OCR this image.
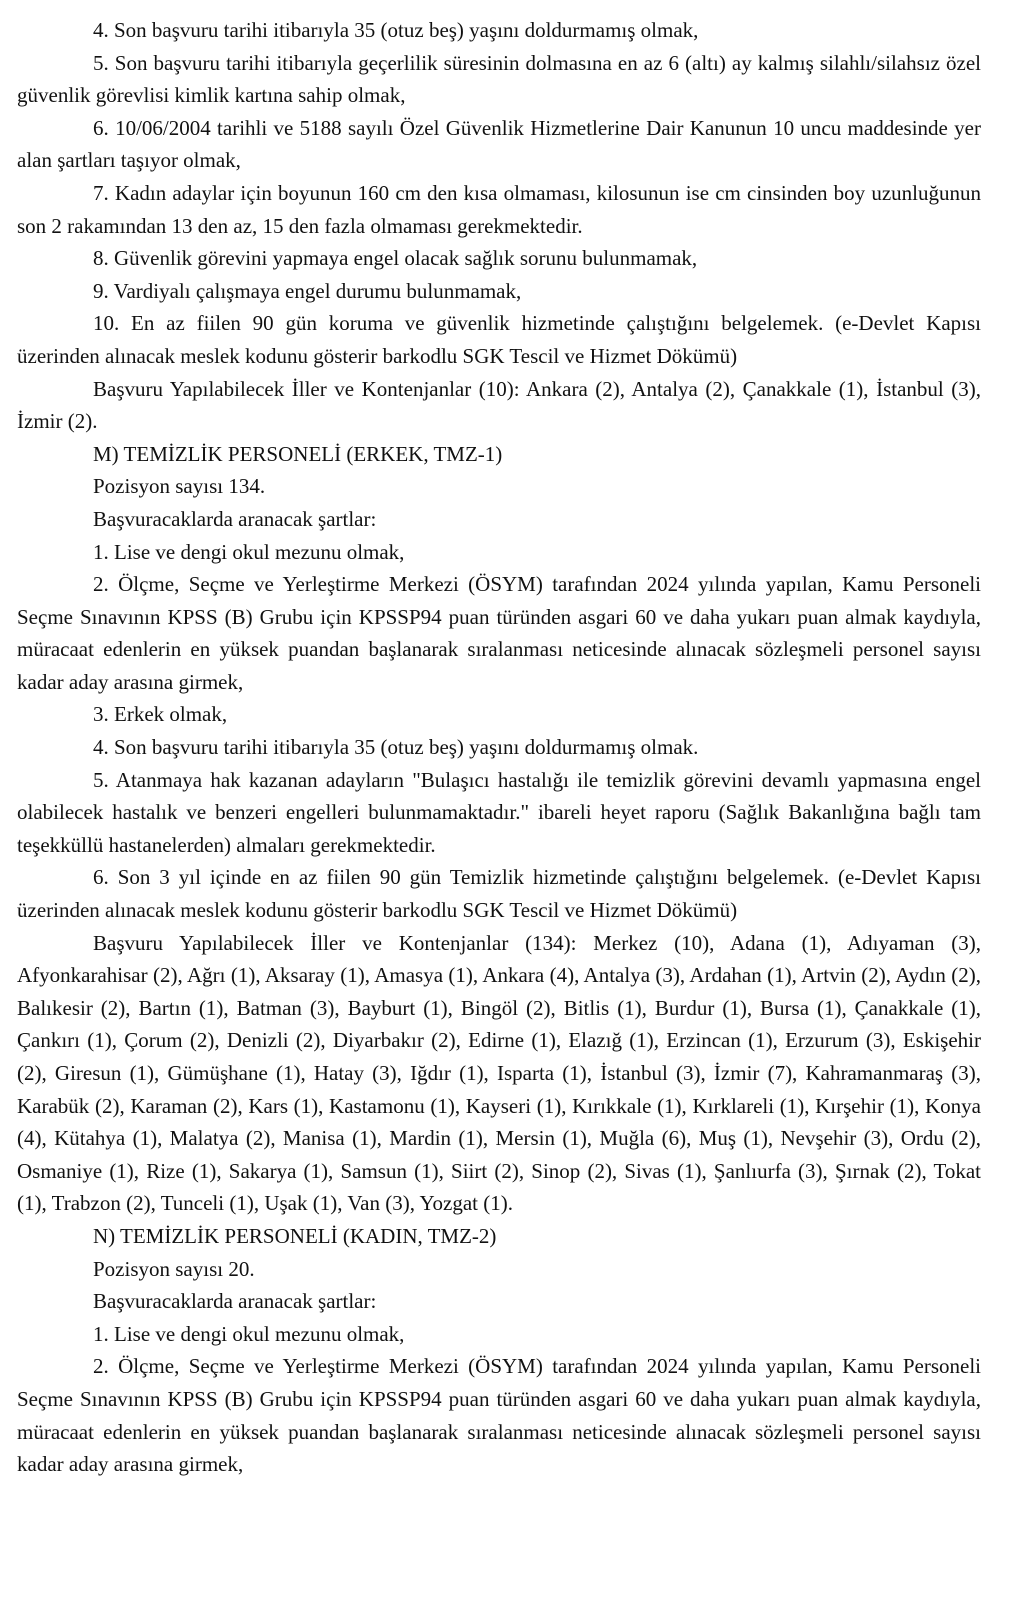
4. Son başvuru tarihi itibarıyla 35 (otuz beş) yaşını doldurmamış olmak,

5. Son başvuru tarihi itibarıyla geçerlilik süresinin dolmasına en az 6 (altı) ay kalmış silahlı/silahsız özel güvenlik görevlisi kimlik kartına sahip olmak,

6. 10/06/2004 tarihli ve 5188 sayılı Özel Güvenlik Hizmetlerine Dair Kanunun 10 uncu maddesinde yer alan şartları taşıyor olmak,

7. Kadın adaylar için boyunun 160 cm den kısa olmaması, kilosunun ise cm cinsinden boy uzunluğunun son 2 rakamından 13 den az, 15 den fazla olmaması gerekmektedir.

8. Güvenlik görevini yapmaya engel olacak sağlık sorunu bulunmamak,

9. Vardiyalı çalışmaya engel durumu bulunmamak,

10. En az fiilen 90 gün koruma ve güvenlik hizmetinde çalıştığını belgelemek. (e-Devlet Kapısı üzerinden alınacak meslek kodunu gösterir barkodlu SGK Tescil ve Hizmet Dökümü)

Başvuru Yapılabilecek İller ve Kontenjanlar (10): Ankara (2), Antalya (2), Çanakkale (1), İstanbul (3), İzmir (2).

M) TEMİZLİK PERSONELİ (ERKEK, TMZ-1)

Pozisyon sayısı 134.

Başvuracaklarda aranacak şartlar:

1. Lise ve dengi okul mezunu olmak,

2. Ölçme, Seçme ve Yerleştirme Merkezi (ÖSYM) tarafından 2024 yılında yapılan, Kamu Personeli Seçme Sınavının KPSS (B) Grubu için KPSSP94 puan türünden asgari 60 ve daha yukarı puan almak kaydıyla, müracaat edenlerin en yüksek puandan başlanarak sıralanması neticesinde alınacak sözleşmeli personel sayısı kadar aday arasına girmek,

3. Erkek olmak,

4. Son başvuru tarihi itibarıyla 35 (otuz beş) yaşını doldurmamış olmak.

5. Atanmaya hak kazanan adayların "Bulaşıcı hastalığı ile temizlik görevini devamlı yapmasına engel olabilecek hastalık ve benzeri engelleri bulunmamaktadır." ibareli heyet raporu (Sağlık Bakanlığına bağlı tam teşekküllü hastanelerden) almaları gerekmektedir.

6. Son 3 yıl içinde en az fiilen 90 gün Temizlik hizmetinde çalıştığını belgelemek. (e-Devlet Kapısı üzerinden alınacak meslek kodunu gösterir barkodlu SGK Tescil ve Hizmet Dökümü)

Başvuru Yapılabilecek İller ve Kontenjanlar (134): Merkez (10), Adana (1), Adıyaman (3), Afyonkarahisar (2), Ağrı (1), Aksaray (1), Amasya (1), Ankara (4), Antalya (3), Ardahan (1), Artvin (2), Aydın (2), Balıkesir (2), Bartın (1), Batman (3), Bayburt (1), Bingöl (2), Bitlis (1), Burdur (1), Bursa (1), Çanakkale (1), Çankırı (1), Çorum (2), Denizli (2), Diyarbakır (2), Edirne (1), Elazığ (1), Erzincan (1), Erzurum (3), Eskişehir (2), Giresun (1), Gümüşhane (1), Hatay (3), Iğdır (1), Isparta (1), İstanbul (3), İzmir (7), Kahramanmaraş (3), Karabük (2), Karaman (2), Kars (1), Kastamonu (1), Kayseri (1), Kırıkkale (1), Kırklareli (1), Kırşehir (1), Konya (4), Kütahya (1), Malatya (2), Manisa (1), Mardin (1), Mersin (1), Muğla (6), Muş (1), Nevşehir (3), Ordu (2), Osmaniye (1), Rize (1), Sakarya (1), Samsun (1), Siirt (2), Sinop (2), Sivas (1), Şanlıurfa (3), Şırnak (2), Tokat (1), Trabzon (2), Tunceli (1), Uşak (1), Van (3), Yozgat (1).

N) TEMİZLİK PERSONELİ (KADIN, TMZ-2)

Pozisyon sayısı 20.

Başvuracaklarda aranacak şartlar:

1. Lise ve dengi okul mezunu olmak,

2. Ölçme, Seçme ve Yerleştirme Merkezi (ÖSYM) tarafından 2024 yılında yapılan, Kamu Personeli Seçme Sınavının KPSS (B) Grubu için KPSSP94 puan türünden asgari 60 ve daha yukarı puan almak kaydıyla, müracaat edenlerin en yüksek puandan başlanarak sıralanması neticesinde alınacak sözleşmeli personel sayısı kadar aday arasına girmek,
